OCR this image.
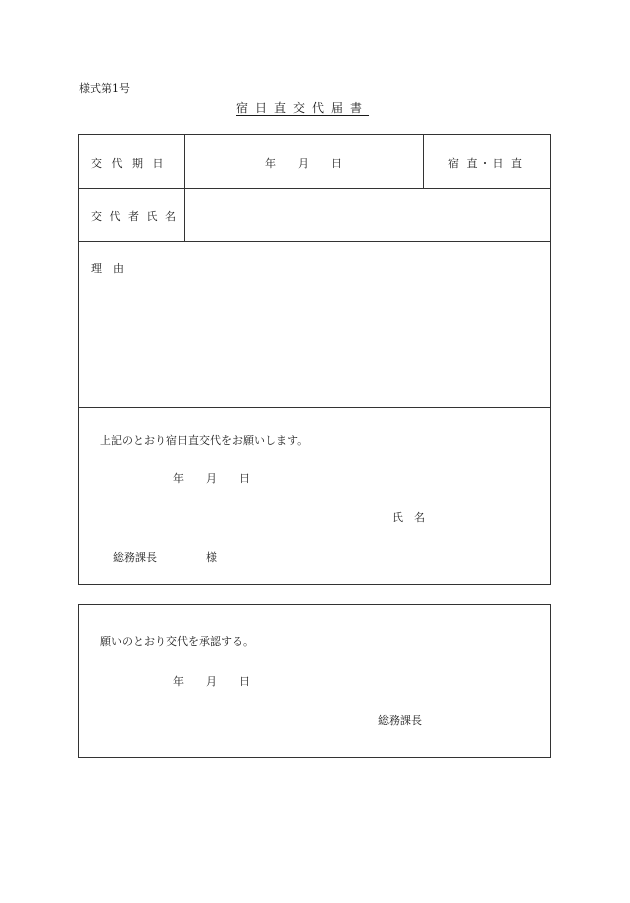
様式第1号
宿日直交代届書
交 代 期 日	年　　月　　日	宿 直・日 直
交 代 者 氏 名
理　由
上記のとおり宿日直交代をお願いします。
年　　月　　日
氏　名
総務課長	様
願いのとおり交代を承認する。
年　　月　　日
総務課長
